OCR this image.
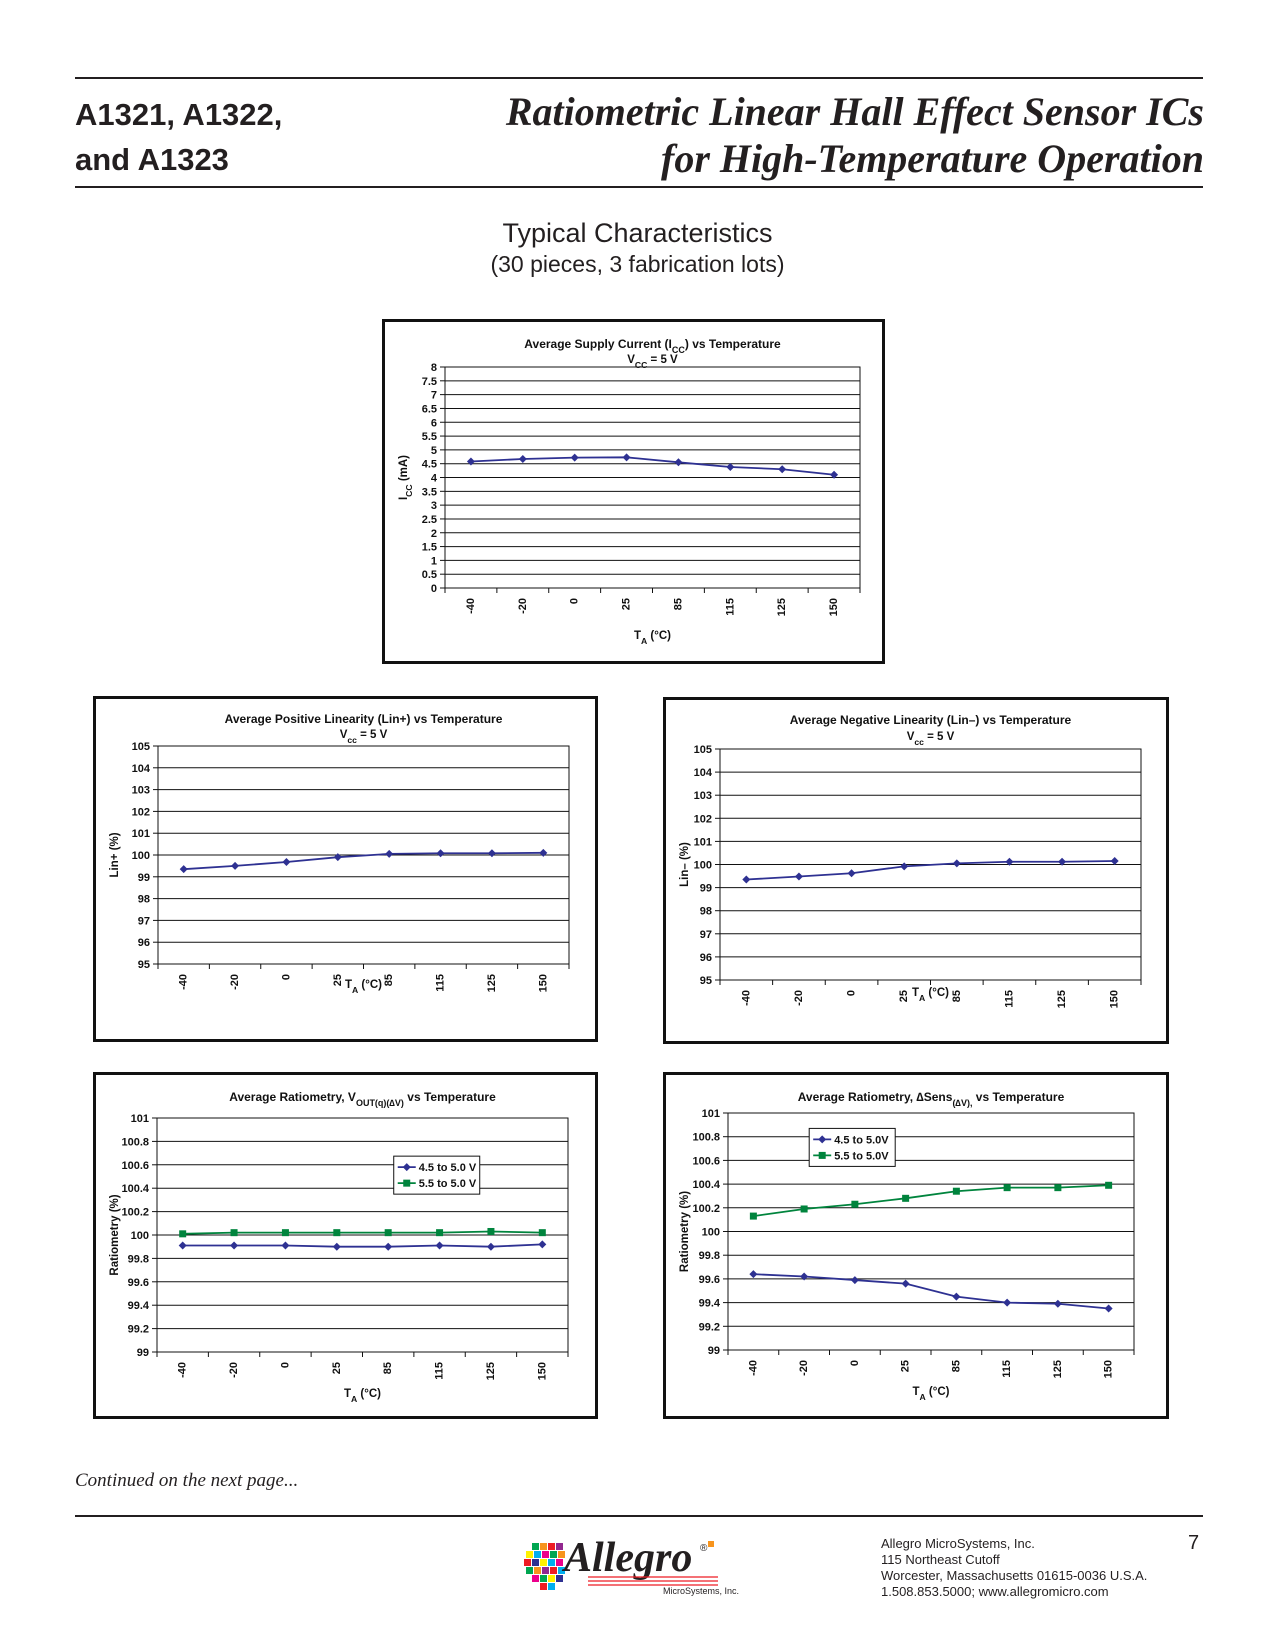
A1321, A1322,
and A1323
Ratiometric Linear Hall Effect Sensor ICs
for High-Temperature Operation
Typical Characteristics
(30 pieces, 3 fabrication lots)
Average Supply Current $(I_{CC})$ vs Temperature
$V_{CC} = 5$ V
0
0.5
1
1.5
2
2.5
3
3.5
4
4.5
5
5.5
6
6.5
7
7.5
8
-40	-20	0	25	85	115	125	150
$T_A$ (°C)
$I_{CC}$ (mA)
Average Positive Linearity (Lin+) vs Temperature
$V_{cc} = 5$ V
95
96
97
98
99
100
101
102
103
104
105
-40	-20	0	25	85	115	125	150
$T_A$ (°C)
Lin+ (%)
Average Negative Linearity (Lin–) vs Temperature
$V_{cc} = 5$ V
95
96
97
98
99
100
101
102
103
104
105
-40	-20	0	25	85	115	125	150
$T_A$ (°C)
Lin– (%)
Average Ratiometry, $V_{OUT(q)(\Delta V)}$ vs Temperature
99
99.2
99.4
99.6
99.8
100
100.2
100.4
100.6
100.8
101
-40	-20	0	25	85	115	125	150
$T_A$ (°C)
Ratiometry (%)
4.5 to 5.0 V
5.5 to 5.0 V
Average Ratiometry, ∆Sens$_{(\Delta V),}$ vs Temperature
99
99.2
99.4
99.6
99.8
100
100.2
100.4
100.6
100.8
101
-40	-20	0	25	85	115	125	150
$T_A$ (°C)
Ratiometry (%)
4.5 to 5.0V
5.5 to 5.0V
Continued on the next page...
Allegro ®
MicroSystems, Inc.
Allegro MicroSystems, Inc.
115 Northeast Cutoff
Worcester, Massachusetts 01615-0036 U.S.A.
1.508.853.5000; www.allegromicro.com
7
